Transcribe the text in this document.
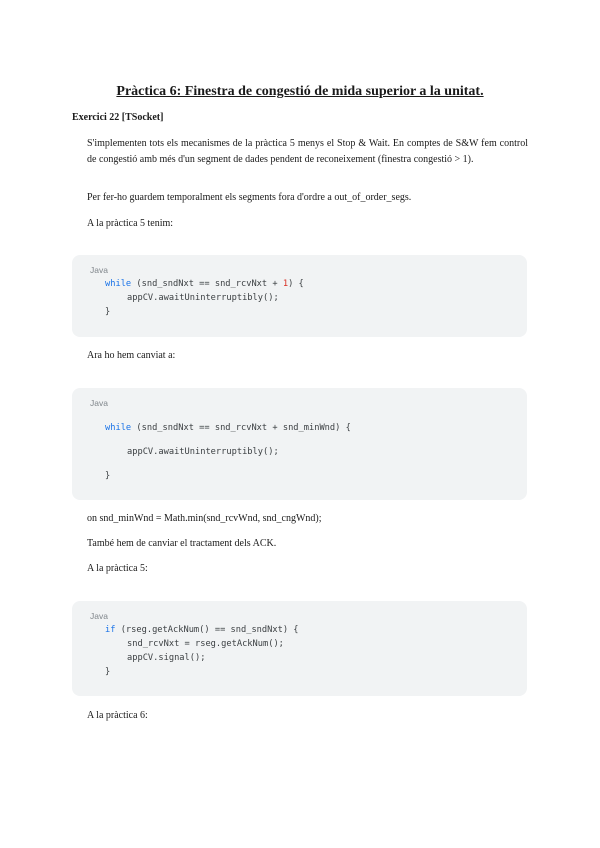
Pràctica 6: Finestra de congestió de mida superior a la unitat.
Exercici 22 [TSocket]
S'implementen tots els mecanismes de la pràctica 5 menys el Stop & Wait. En comptes de S&W fem control de congestió amb més d'un segment de dades pendent de reconeixement (finestra congestió > 1).
Per fer-ho guardem temporalment els segments fora d'ordre a out_of_order_segs.
A la pràctica 5 tenim:
Java
while (snd_sndNxt == snd_rcvNxt + 1) {
appCV.awaitUninterruptibly();
}
Ara ho hem canviat a:
Java
while (snd_sndNxt == snd_rcvNxt + snd_minWnd) {
appCV.awaitUninterruptibly();
}
on snd_minWnd = Math.min(snd_rcvWnd, snd_cngWnd);
També hem de canviar el tractament dels ACK.
A la pràctica 5:
Java
if (rseg.getAckNum() == snd_sndNxt) {
snd_rcvNxt = rseg.getAckNum();
appCV.signal();
}
A la pràctica 6:
